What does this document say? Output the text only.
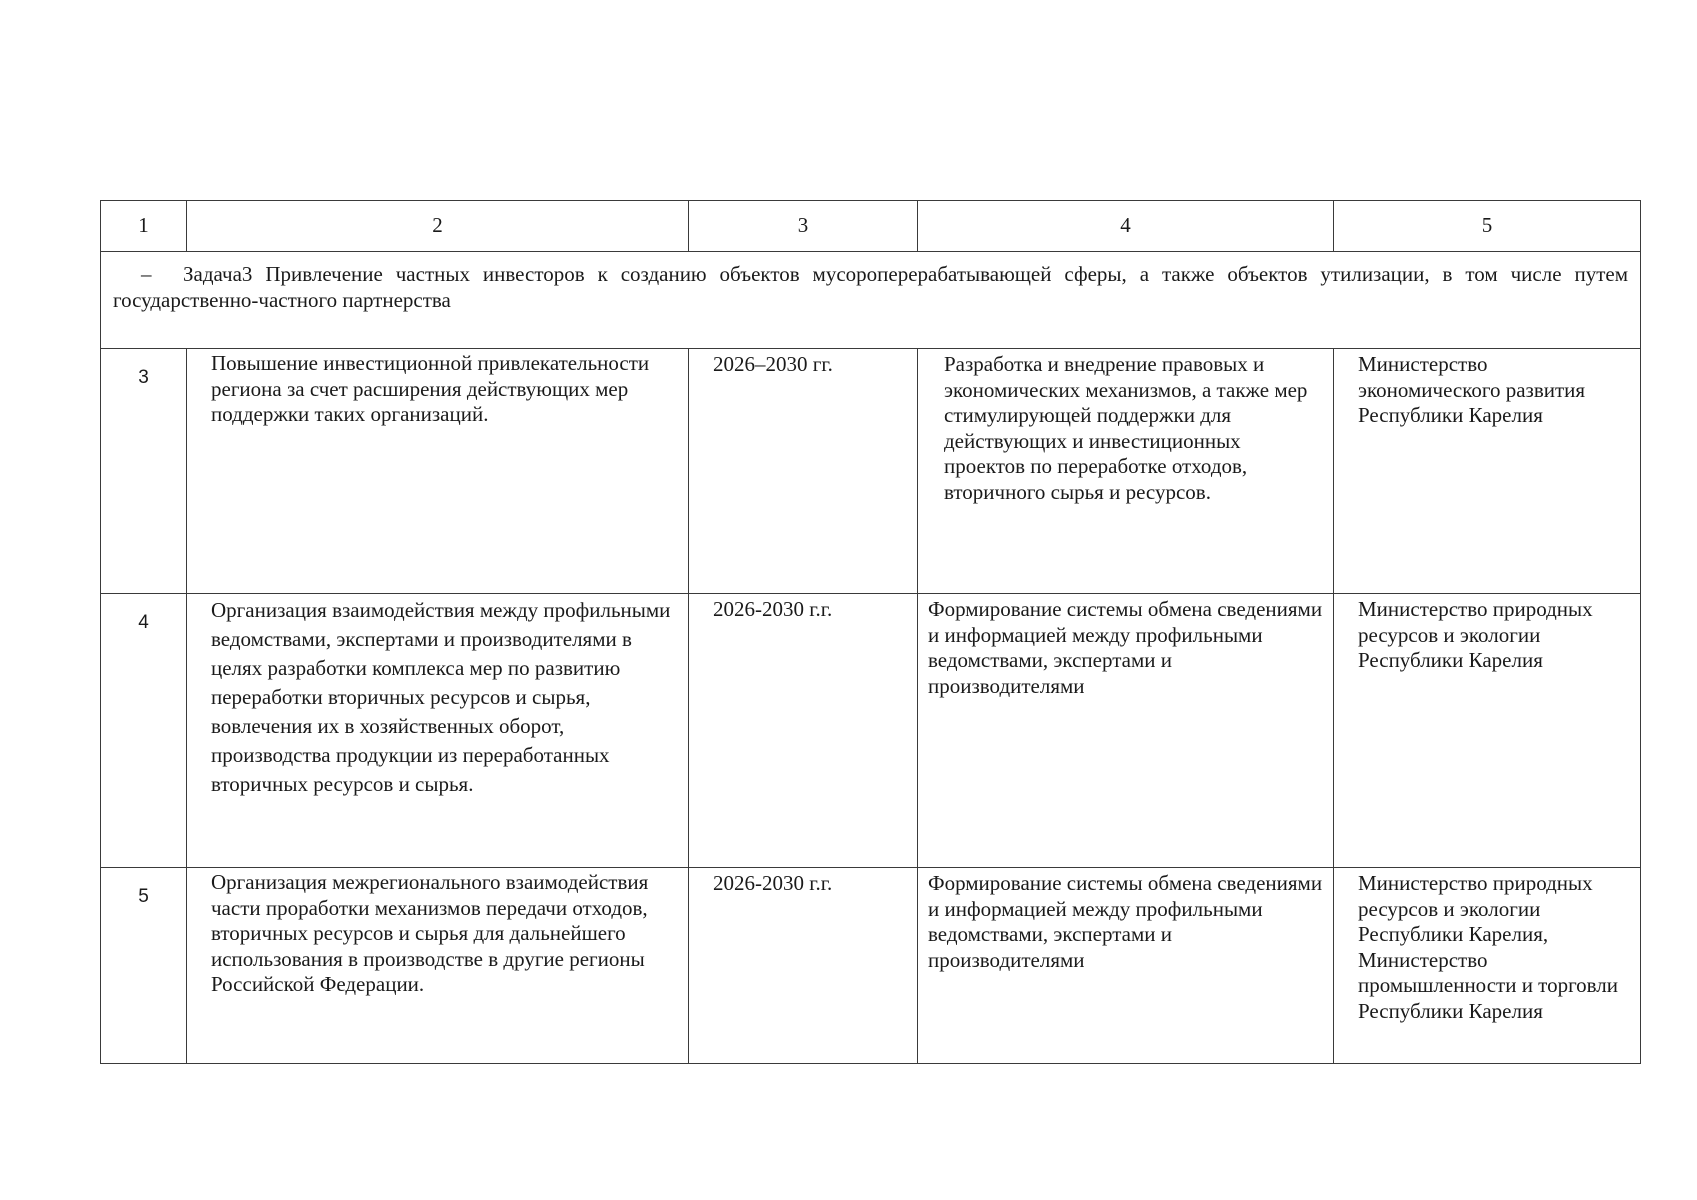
1	2	3	4	5
– Задача3 Привлечение частных инвесторов к созданию объектов мусороперерабатывающей сферы, а также объектов утилизации, в том числе путем государственно-частного партнерства				
3	Повышение инвестиционной привлекательности региона за счет расширения действующих мер поддержки таких организаций.	2026–2030 гг.	Разработка и внедрение правовых и экономических механизмов, а также мер стимулирующей поддержки для действующих и инвестиционных проектов по переработке отходов, вторичного сырья и ресурсов.	Министерство экономического развития Республики Карелия
4	Организация взаимодействия между профильными ведомствами, экспертами и производителями в целях разработки комплекса мер по развитию переработки вторичных ресурсов и сырья, вовлечения их в хозяйственных оборот, производства продукции из переработанных вторичных ресурсов и сырья.	2026-2030 г.г.	Формирование системы обмена сведениями и информацией между профильными ведомствами, экспертами и производителями	Министерство природных ресурсов и экологии Республики Карелия
5	Организация межрегионального взаимодействия части проработки механизмов передачи отходов, вторичных ресурсов и сырья для дальнейшего использования в производстве в другие регионы Российской Федерации.	2026-2030 г.г.	Формирование системы обмена сведениями и информацией между профильными ведомствами, экспертами и производителями	Министерство природных ресурсов и экологии Республики Карелия, Министерство промышленности и торговли Республики Карелия
